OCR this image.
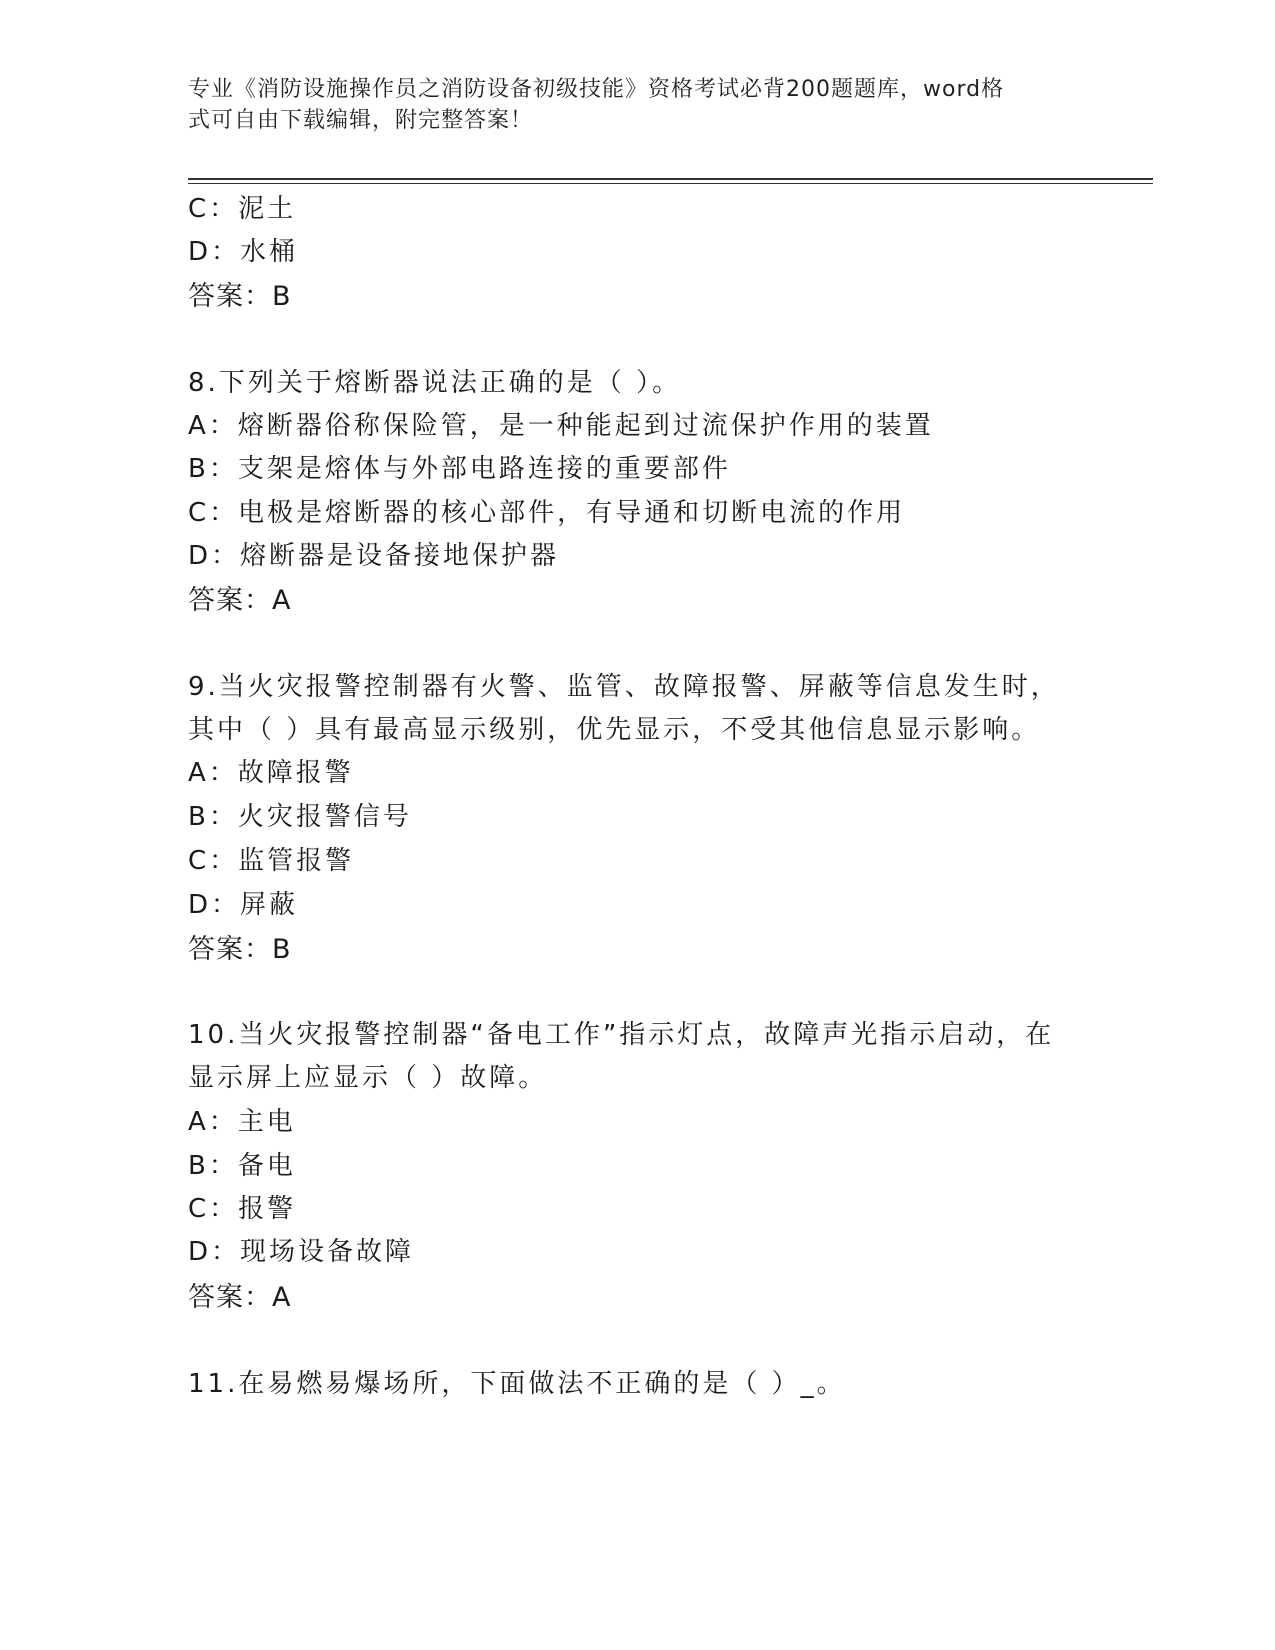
专业《消防设施操作员之消防设备初级技能》资格考试必背200题题库，word格
式可自由下载编辑，附完整答案！
C：泥土
D：水桶
答案：B
8.下列关于熔断器说法正确的是（ ）。
A：熔断器俗称保险管，是一种能起到过流保护作用的装置
B：支架是熔体与外部电路连接的重要部件
C：电极是熔断器的核心部件，有导通和切断电流的作用
D：熔断器是设备接地保护器
答案：A
9.当火灾报警控制器有火警、监管、故障报警、屏蔽等信息发生时，
其中（ ）具有最高显示级别，优先显示，不受其他信息显示影响。
A：故障报警
B：火灾报警信号
C：监管报警
D：屏蔽
答案：B
10.当火灾报警控制器“备电工作”指示灯点，故障声光指示启动，在
显示屏上应显示（ ）故障。
A：主电
B：备电
C：报警
D：现场设备故障
答案：A
11.在易燃易爆场所，下面做法不正确的是（ ）_。
